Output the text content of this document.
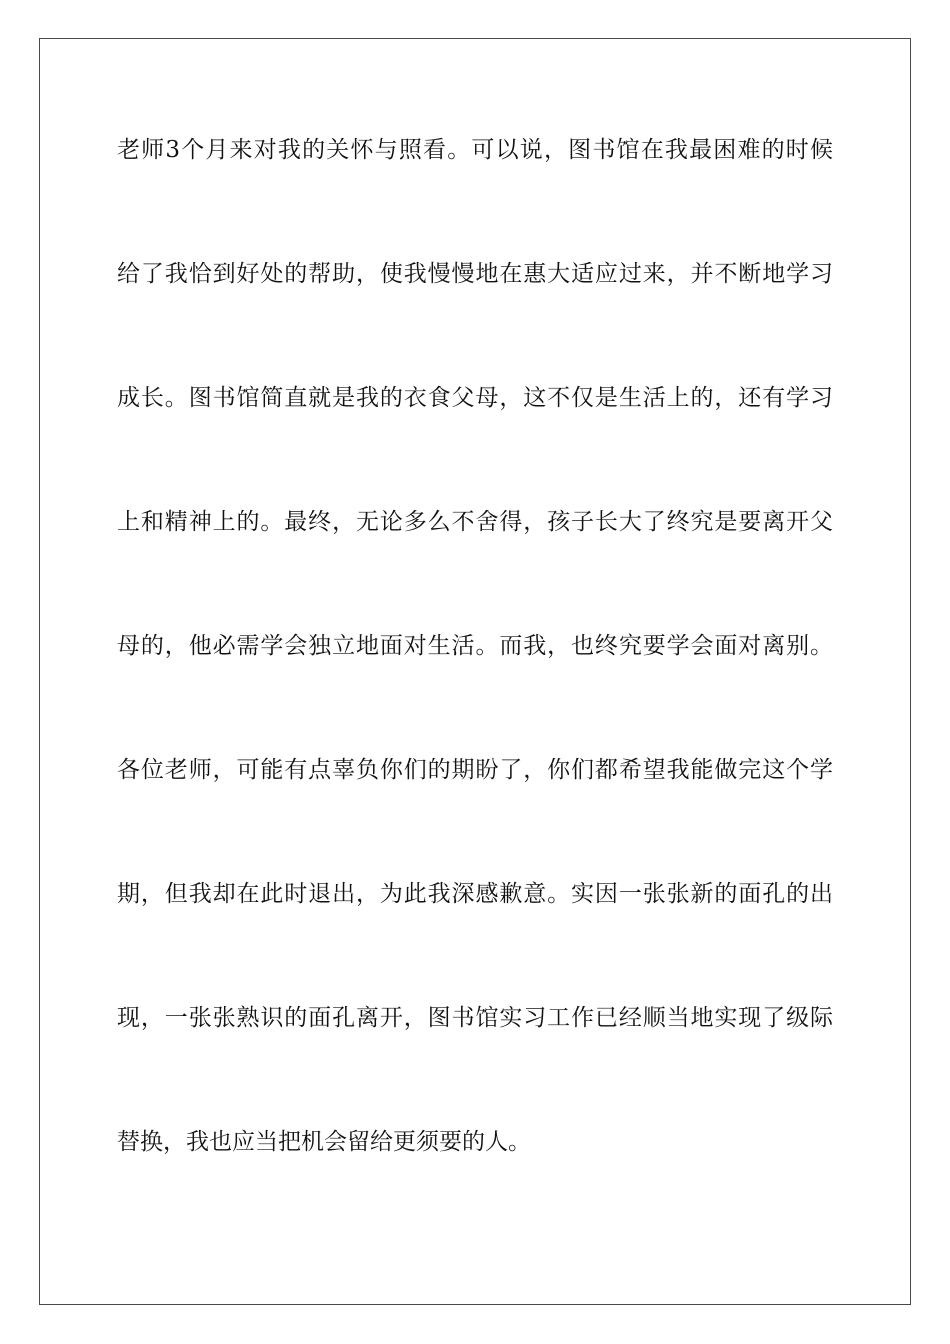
老师3个月来对我的关怀与照看。可以说，图书馆在我最困难的时候
给了我恰到好处的帮助，使我慢慢地在惠大适应过来，并不断地学习
成长。图书馆简直就是我的衣食父母，这不仅是生活上的，还有学习
上和精神上的。最终，无论多么不舍得，孩子长大了终究是要离开父
母的，他必需学会独立地面对生活。而我，也终究要学会面对离别。
各位老师，可能有点辜负你们的期盼了，你们都希望我能做完这个学
期，但我却在此时退出，为此我深感歉意。实因一张张新的面孔的出
现，一张张熟识的面孔离开，图书馆实习工作已经顺当地实现了级际
替换，我也应当把机会留给更须要的人。
